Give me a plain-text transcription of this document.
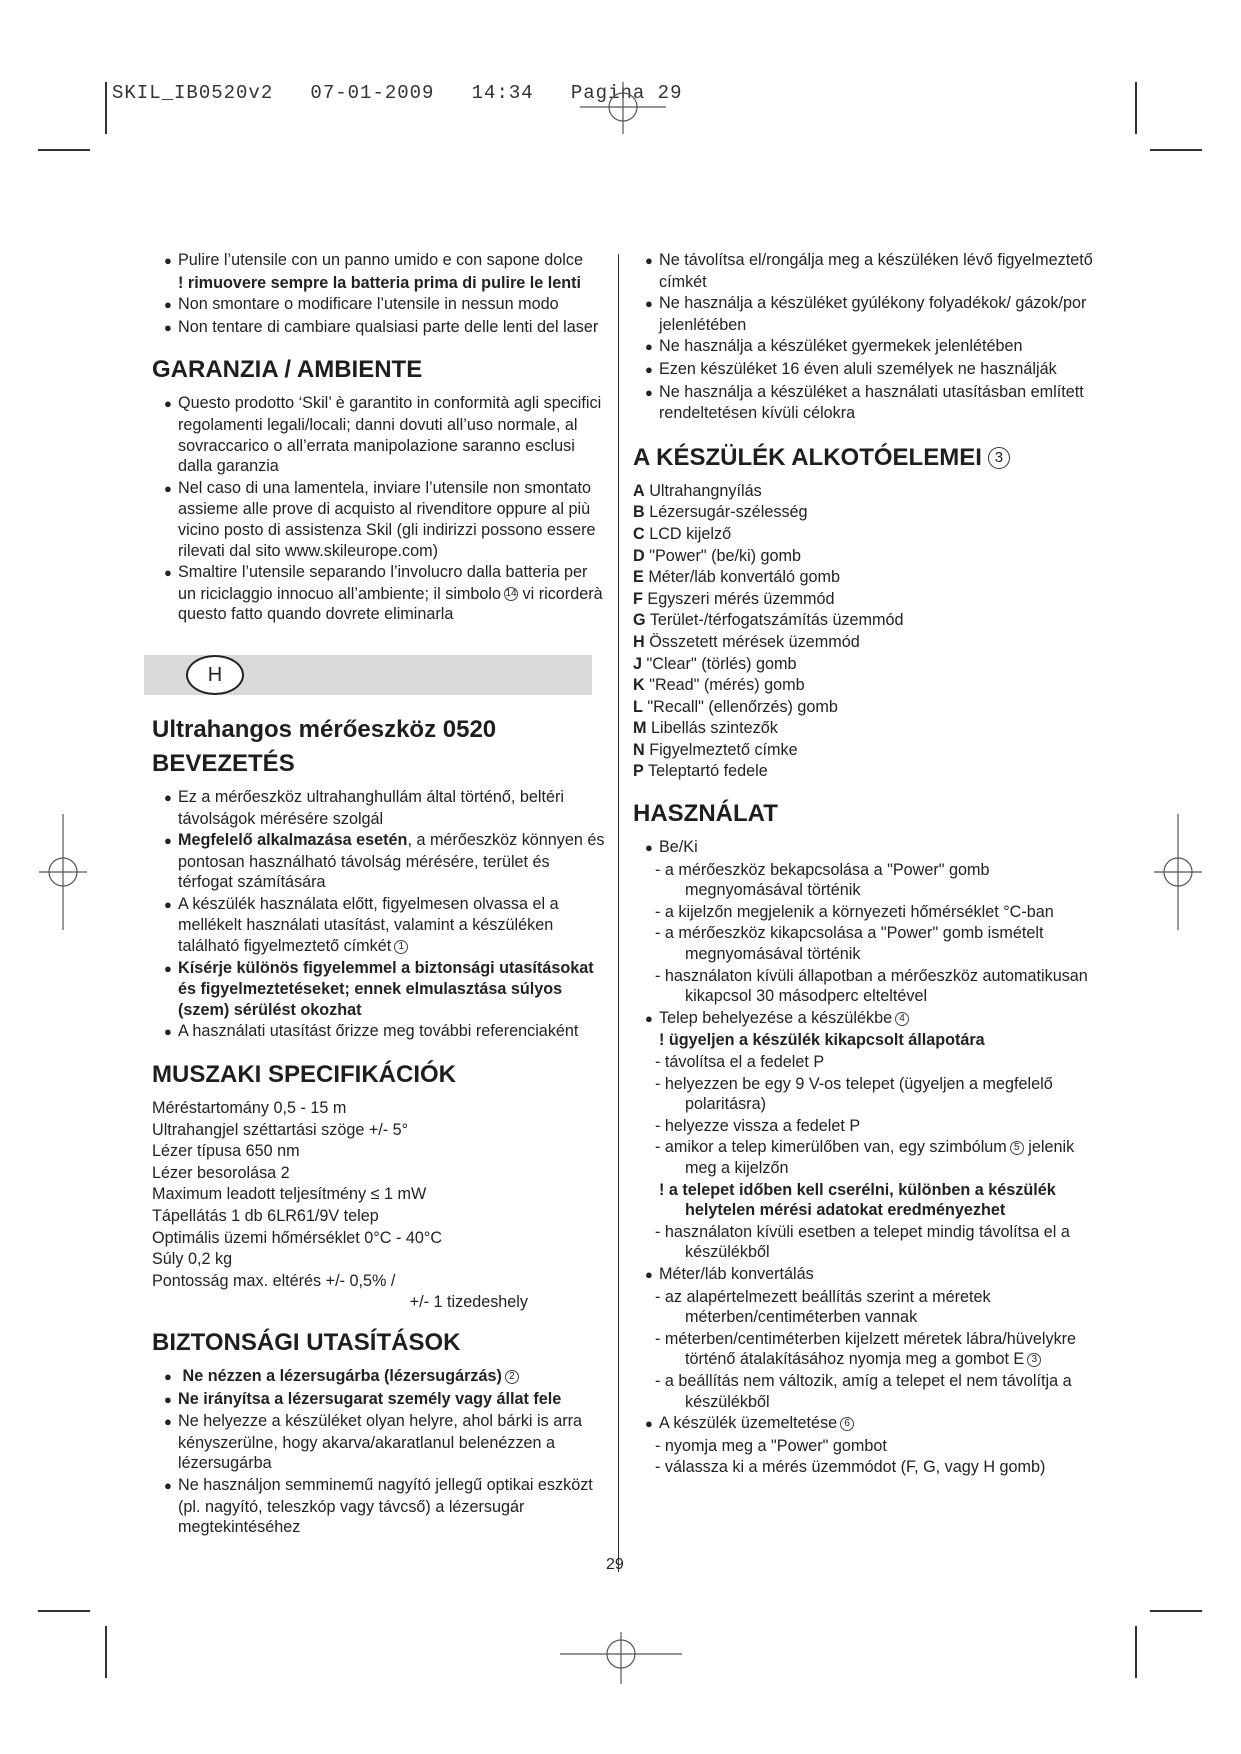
SKIL_IB0520v2   07-01-2009   14:34   Pagina 29

● Pulire l’utensile con un panno umido e con sapone dolce

! rimuovere sempre la batteria prima di pulire le lenti

● Non smontare o modificare l’utensile in nessun modo

● Non tentare di cambiare qualsiasi parte delle lenti del laser

GARANZIA / AMBIENTE

● Questo prodotto ‘Skil’ è garantito in conformità agli specifici regolamenti legali/locali; danni dovuti all’uso normale, al sovraccarico o all’errata manipolazione saranno esclusi dalla garanzia

● Nel caso di una lamentela, inviare l’utensile non smontato assieme alle prove di acquisto al rivenditore oppure al più vicino posto di assistenza Skil (gli indirizzi possono essere rilevati dal sito www.skileurope.com)

● Smaltire l’utensile separando l’involucro dalla batteria per un riciclaggio innocuo all’ambiente; il simbolo 14 vi ricorderà questo fatto quando dovrete eliminarla

H

Ultrahangos mérőeszköz 0520

BEVEZETÉS

● Ez a mérőeszköz ultrahanghullám által történő, beltéri távolságok mérésére szolgál

● Megfelelő alkalmazása esetén, a mérőeszköz könnyen és pontosan használható távolság mérésére, terület és térfogat számítására

● A készülék használata előtt, figyelmesen olvassa el a mellékelt használati utasítást, valamint a készüléken található figyelmeztető címkét 1

● Kísérje különös figyelemmel a biztonsági utasításokat és figyelmeztetéseket; ennek elmulasztása súlyos (szem) sérülést okozhat

● A használati utasítást őrizze meg további referenciaként

MUSZAKI SPECIFIKÁCIÓK

Méréstartomány 0,5 - 15 m

Ultrahangjel széttartási szöge +/- 5°

Lézer típusa 650 nm

Lézer besorolása 2

Maximum leadott teljesítmény ≤ 1 mW

Tápellátás 1 db 6LR61/9V telep

Optimális üzemi hőmérséklet 0°C - 40°C

Súly 0,2 kg

Pontosság max. eltérés +/- 0,5% /

+/- 1 tizedeshely

BIZTONSÁGI UTASÍTÁSOK

● Ne nézzen a lézersugárba (lézersugárzás) 2

● Ne irányítsa a lézersugarat személy vagy állat fele

● Ne helyezze a készüléket olyan helyre, ahol bárki is arra kényszerülne, hogy akarva/akaratlanul belenézzen a lézersugárba

● Ne használjon semminemű nagyító jellegű optikai eszközt (pl. nagyító, teleszkóp vagy távcső) a lézersugár megtekintéséhez

● Ne távolítsa el/rongálja meg a készüléken lévő figyelmeztető címkét

● Ne használja a készüléket gyúlékony folyadékok/ gázok/por jelenlétében

● Ne használja a készüléket gyermekek jelenlétében

● Ezen készüléket 16 éven aluli személyek ne használják

● Ne használja a készüléket a használati utasításban említett rendeltetésen kívüli célokra

A KÉSZÜLÉK ALKOTÓELEMEI 3

A Ultrahangnyílás

B Lézersugár-szélesség

C LCD kijelző

D "Power" (be/ki) gomb

E Méter/láb konvertáló gomb

F Egyszeri mérés üzemmód

G Terület-/térfogatszámítás üzemmód

H Összetett mérések üzemmód

J "Clear" (törlés) gomb

K "Read" (mérés) gomb

L "Recall" (ellenőrzés) gomb

M Libellás szintezők

N Figyelmeztető címke

P Teleptartó fedele

HASZNÁLAT

● Be/Ki

- a mérőeszköz bekapcsolása a "Power" gomb megnyomásával történik

- a kijelzőn megjelenik a környezeti hőmérséklet °C-ban

- a mérőeszköz kikapcsolása a "Power" gomb ismételt megnyomásával történik

- használaton kívüli állapotban a mérőeszköz automatikusan kikapcsol 30 másodperc elteltével

● Telep behelyezése a készülékbe 4

! ügyeljen a készülék kikapcsolt állapotára

- távolítsa el a fedelet P

- helyezzen be egy 9 V-os telepet (ügyeljen a megfelelő polaritásra)

- helyezze vissza a fedelet P

- amikor a telep kimerülőben van, egy szimbólum 5 jelenik meg a kijelzőn

! a telepet időben kell cserélni, különben a készülék helytelen mérési adatokat eredményezhet

- használaton kívüli esetben a telepet mindig távolítsa el a készülékből

● Méter/láb konvertálás

- az alapértelmezett beállítás szerint a méretek méterben/centiméterben vannak

- méterben/centiméterben kijelzett méretek lábra/hüvelykre történő átalakításához nyomja meg a gombot E 3

- a beállítás nem változik, amíg a telepet el nem távolítja a készülékből

● A készülék üzemeltetése 6

- nyomja meg a "Power" gombot

- válassza ki a mérés üzemmódot (F, G, vagy H gomb)

29
